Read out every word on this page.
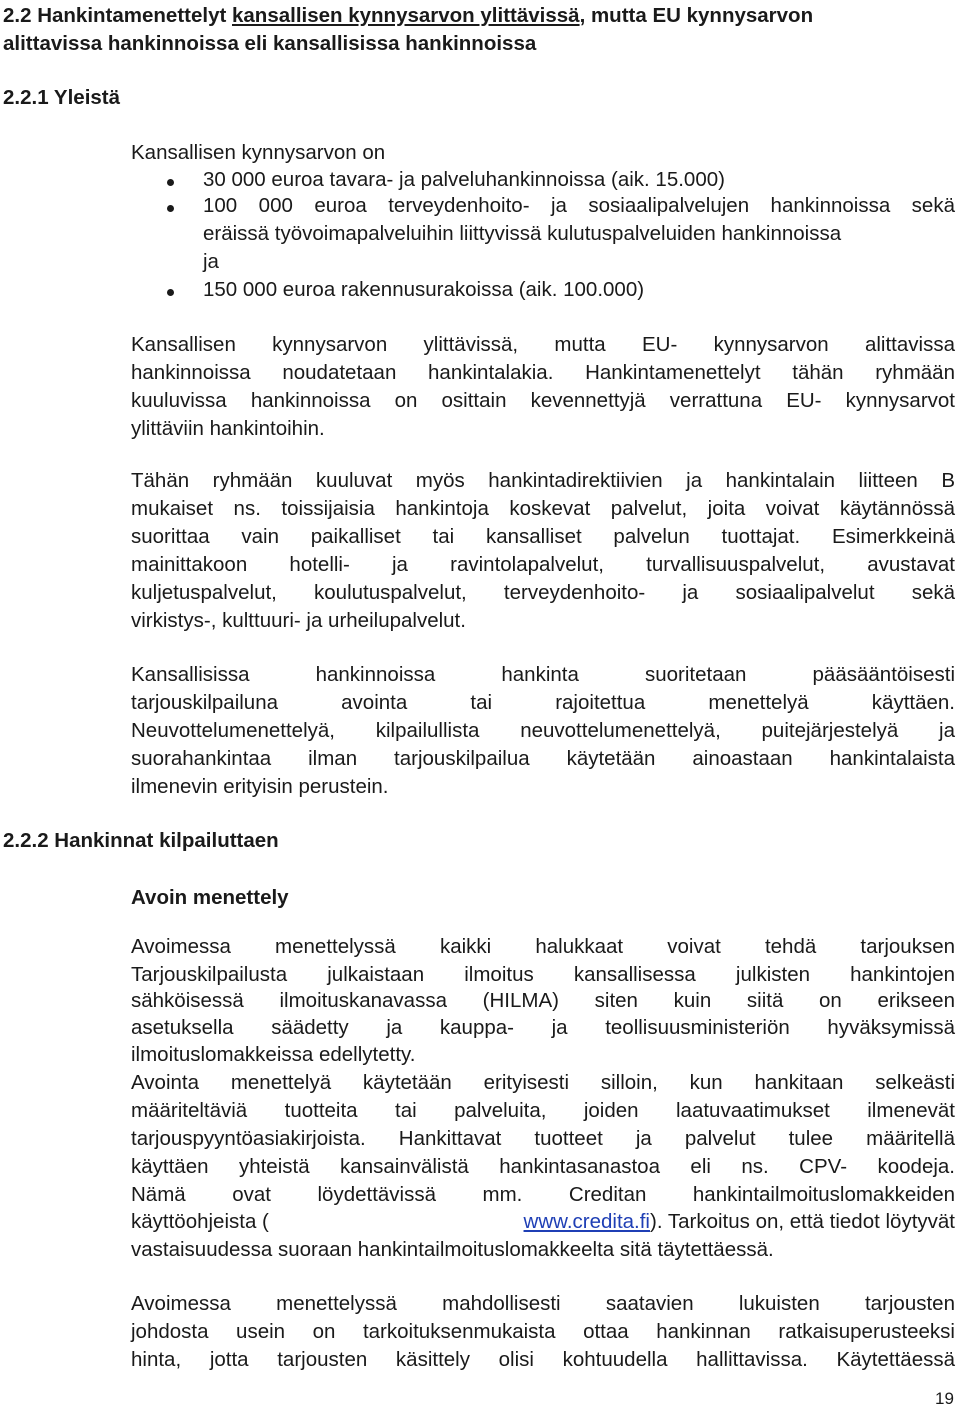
2.2 Hankintamenettelyt kansallisen kynnysarvon ylittävissä, mutta EU kynnysarvon
alittavissa hankinnoissa eli kansallisissa hankinnoissa
2.2.1 Yleistä
Kansallisen kynnysarvon on
30 000 euroa tavara- ja palveluhankinnoissa (aik. 15.000)
100 000 euroa terveydenhoito- ja sosiaalipalvelujen hankinnoissa sekä
eräissä työvoimapalveluihin liittyvissä kulutuspalveluiden hankinnoissa
ja
150 000 euroa rakennusurakoissa (aik. 100.000)
Kansallisen kynnysarvon ylittävissä, mutta EU- kynnysarvon alittavissa
hankinnoissa noudatetaan hankintalakia. Hankintamenettelyt tähän ryhmään
kuuluvissa hankinnoissa on osittain kevennettyjä verrattuna EU- kynnysarvot
ylittäviin hankintoihin.
Tähän ryhmään kuuluvat myös hankintadirektiivien ja hankintalain liitteen B
mukaiset ns. toissijaisia hankintoja koskevat palvelut, joita voivat käytännössä
suorittaa vain paikalliset tai kansalliset palvelun tuottajat. Esimerkkeinä
mainittakoon hotelli- ja ravintolapalvelut, turvallisuuspalvelut, avustavat
kuljetuspalvelut, koulutuspalvelut, terveydenhoito- ja sosiaalipalvelut sekä
virkistys-, kulttuuri- ja urheilupalvelut.
Kansallisissa hankinnoissa hankinta suoritetaan pääsääntöisesti
tarjouskilpailuna avointa tai rajoitettua menettelyä käyttäen.
Neuvottelumenettelyä, kilpailullista neuvottelumenettelyä, puitejärjestelyä ja
suorahankintaa ilman tarjouskilpailua käytetään ainoastaan hankintalaista
ilmenevin erityisin perustein.
2.2.2 Hankinnat kilpailuttaen
Avoin menettely
Avoimessa menettelyssä kaikki halukkaat voivat tehdä tarjouksen
Tarjouskilpailusta julkaistaan ilmoitus kansallisessa julkisten hankintojen
sähköisessä ilmoituskanavassa (HILMA) siten kuin siitä on erikseen
asetuksella säädetty ja kauppa- ja teollisuusministeriön hyväksymissä
ilmoituslomakkeissa edellytetty.
Avointa menettelyä käytetään erityisesti silloin, kun hankitaan selkeästi
määriteltäviä tuotteita tai palveluita, joiden laatuvaatimukset ilmenevät
tarjouspyyntöasiakirjoista. Hankittavat tuotteet ja palvelut tulee määritellä
käyttäen yhteistä kansainvälistä hankintasanastoa eli ns. CPV- koodeja.
Nämä ovat löydettävissä mm. Creditan hankintailmoituslomakkeiden
käyttöohjeista (	www.credita.fi ). Tarkoitus on, että tiedot löytyvät
vastaisuudessa suoraan hankintailmoituslomakkeelta sitä täytettäessä.
Avoimessa menettelyssä mahdollisesti saatavien lukuisten tarjousten
johdosta usein on tarkoituksenmukaista ottaa hankinnan ratkaisuperusteeksi
hinta, jotta tarjousten käsittely olisi kohtuudella hallittavissa. Käytettäessä
19
